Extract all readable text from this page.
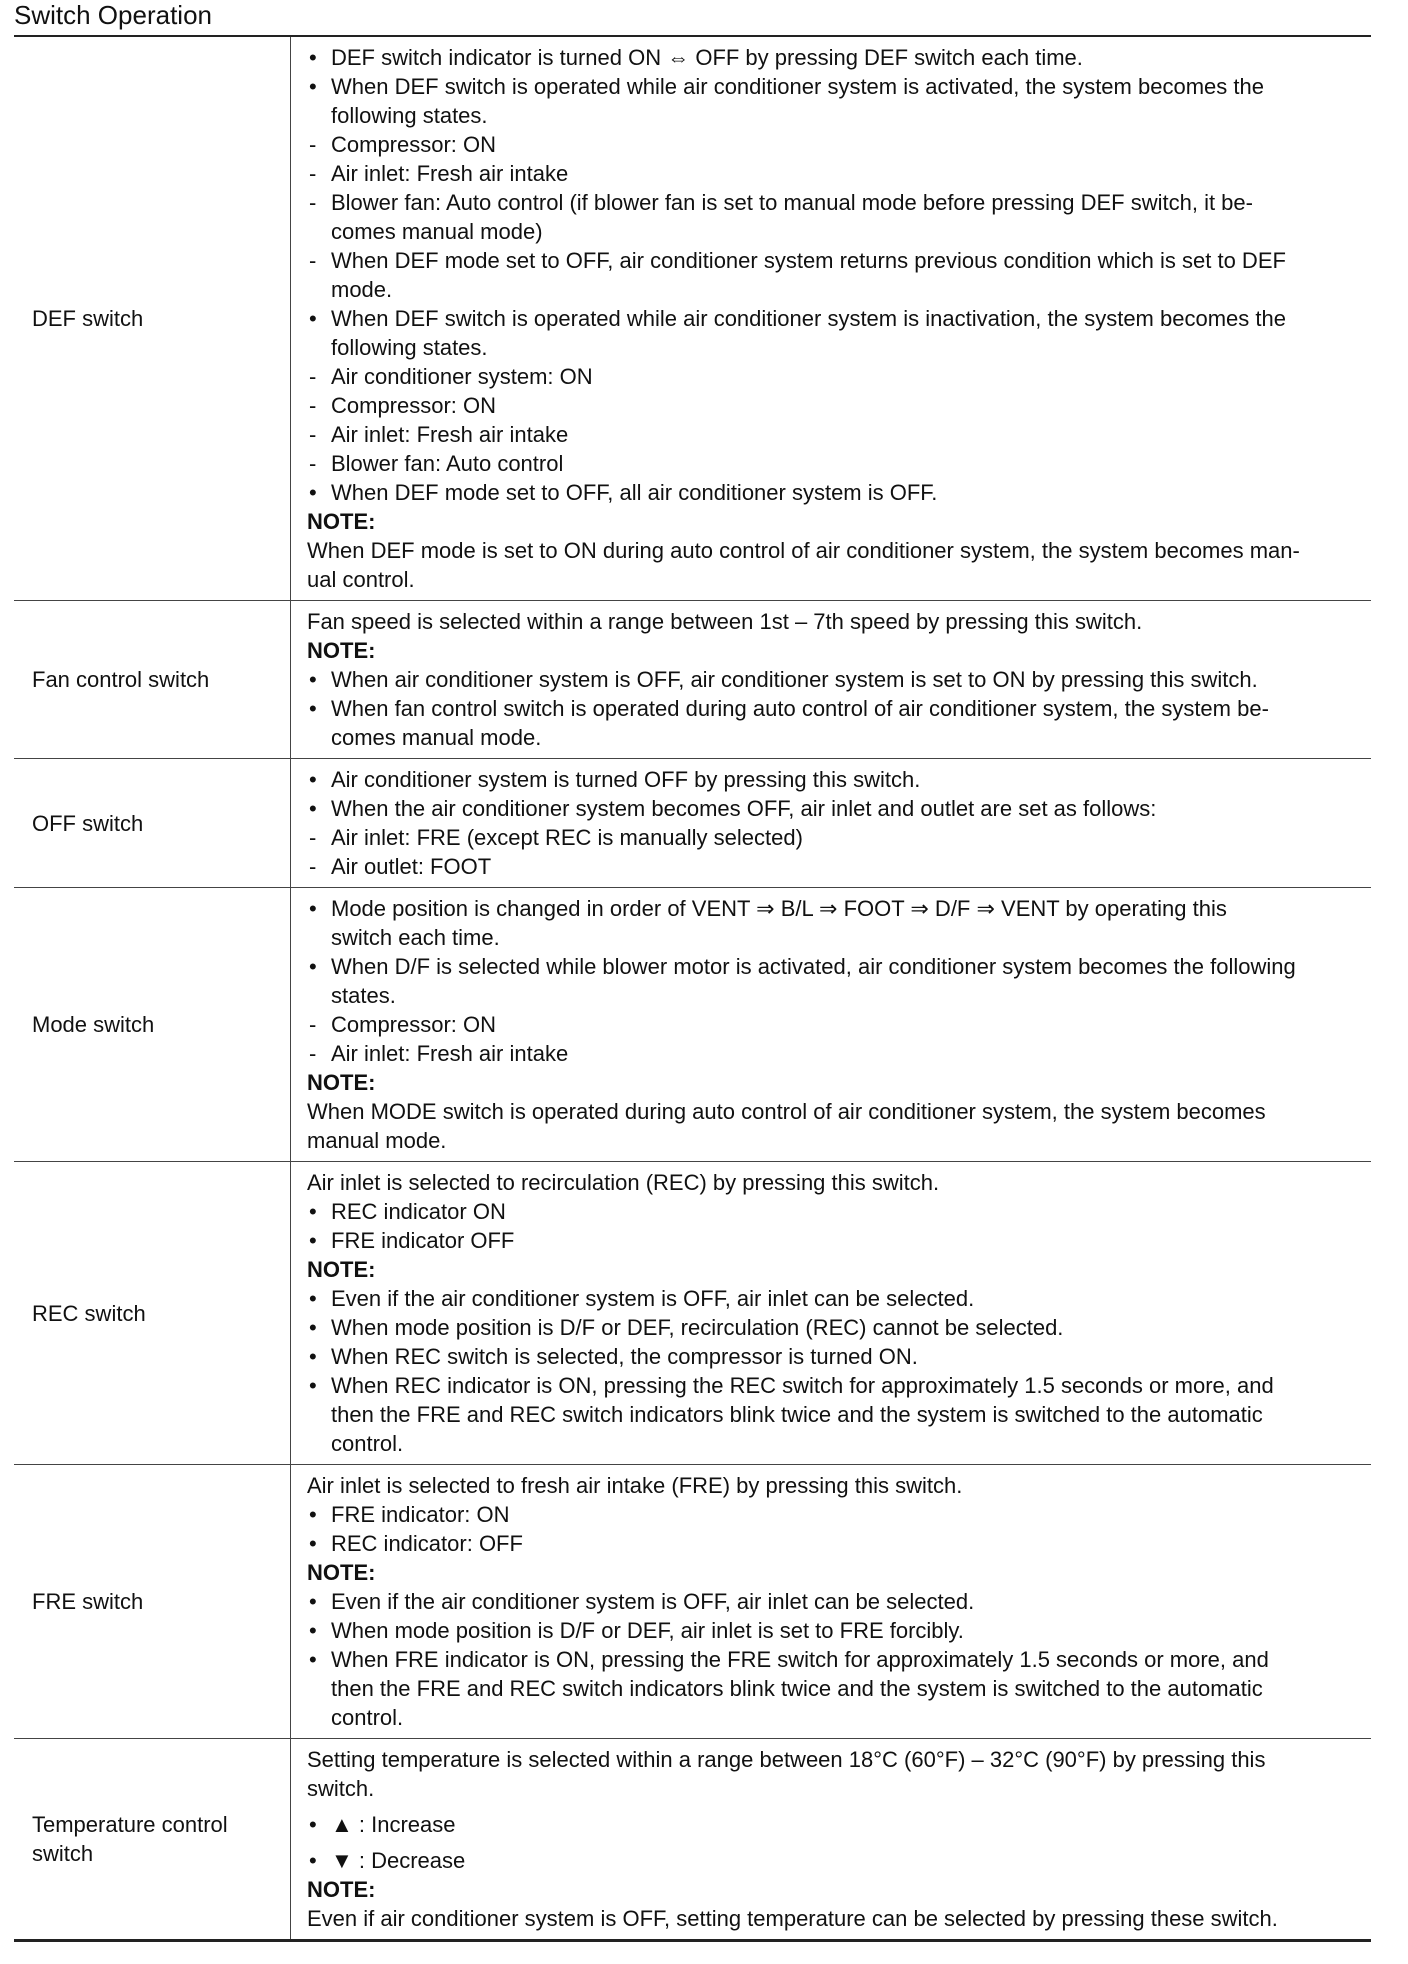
Switch Operation
DEF switch
• DEF switch indicator is turned ON ⇔ OFF by pressing DEF switch each time.
• When DEF switch is operated while air conditioner system is activated, the system becomes the
following states.
- Compressor: ON
- Air inlet: Fresh air intake
- Blower fan: Auto control (if blower fan is set to manual mode before pressing DEF switch, it be-
comes manual mode)
- When DEF mode set to OFF, air conditioner system returns previous condition which is set to DEF
mode.
• When DEF switch is operated while air conditioner system is inactivation, the system becomes the
following states.
- Air conditioner system: ON
- Compressor: ON
- Air inlet: Fresh air intake
- Blower fan: Auto control
• When DEF mode set to OFF, all air conditioner system is OFF.
NOTE:
When DEF mode is set to ON during auto control of air conditioner system, the system becomes man-
ual control.
Fan control switch
Fan speed is selected within a range between 1st – 7th speed by pressing this switch.
NOTE:
• When air conditioner system is OFF, air conditioner system is set to ON by pressing this switch.
• When fan control switch is operated during auto control of air conditioner system, the system be-
comes manual mode.
OFF switch
• Air conditioner system is turned OFF by pressing this switch.
• When the air conditioner system becomes OFF, air inlet and outlet are set as follows:
- Air inlet: FRE (except REC is manually selected)
- Air outlet: FOOT
Mode switch
• Mode position is changed in order of VENT ⇒ B/L ⇒ FOOT ⇒ D/F ⇒ VENT by operating this
switch each time.
• When D/F is selected while blower motor is activated, air conditioner system becomes the following
states.
- Compressor: ON
- Air inlet: Fresh air intake
NOTE:
When MODE switch is operated during auto control of air conditioner system, the system becomes
manual mode.
REC switch
Air inlet is selected to recirculation (REC) by pressing this switch.
• REC indicator ON
• FRE indicator OFF
NOTE:
• Even if the air conditioner system is OFF, air inlet can be selected.
• When mode position is D/F or DEF, recirculation (REC) cannot be selected.
• When REC switch is selected, the compressor is turned ON.
• When REC indicator is ON, pressing the REC switch for approximately 1.5 seconds or more, and
then the FRE and REC switch indicators blink twice and the system is switched to the automatic
control.
FRE switch
Air inlet is selected to fresh air intake (FRE) by pressing this switch.
• FRE indicator: ON
• REC indicator: OFF
NOTE:
• Even if the air conditioner system is OFF, air inlet can be selected.
• When mode position is D/F or DEF, air inlet is set to FRE forcibly.
• When FRE indicator is ON, pressing the FRE switch for approximately 1.5 seconds or more, and
then the FRE and REC switch indicators blink twice and the system is switched to the automatic
control.
Temperature control
switch
Setting temperature is selected within a range between 18°C (60°F) – 32°C (90°F) by pressing this
switch.
• ▲ : Increase
• ▼ : Decrease
NOTE:
Even if air conditioner system is OFF, setting temperature can be selected by pressing these switch.
